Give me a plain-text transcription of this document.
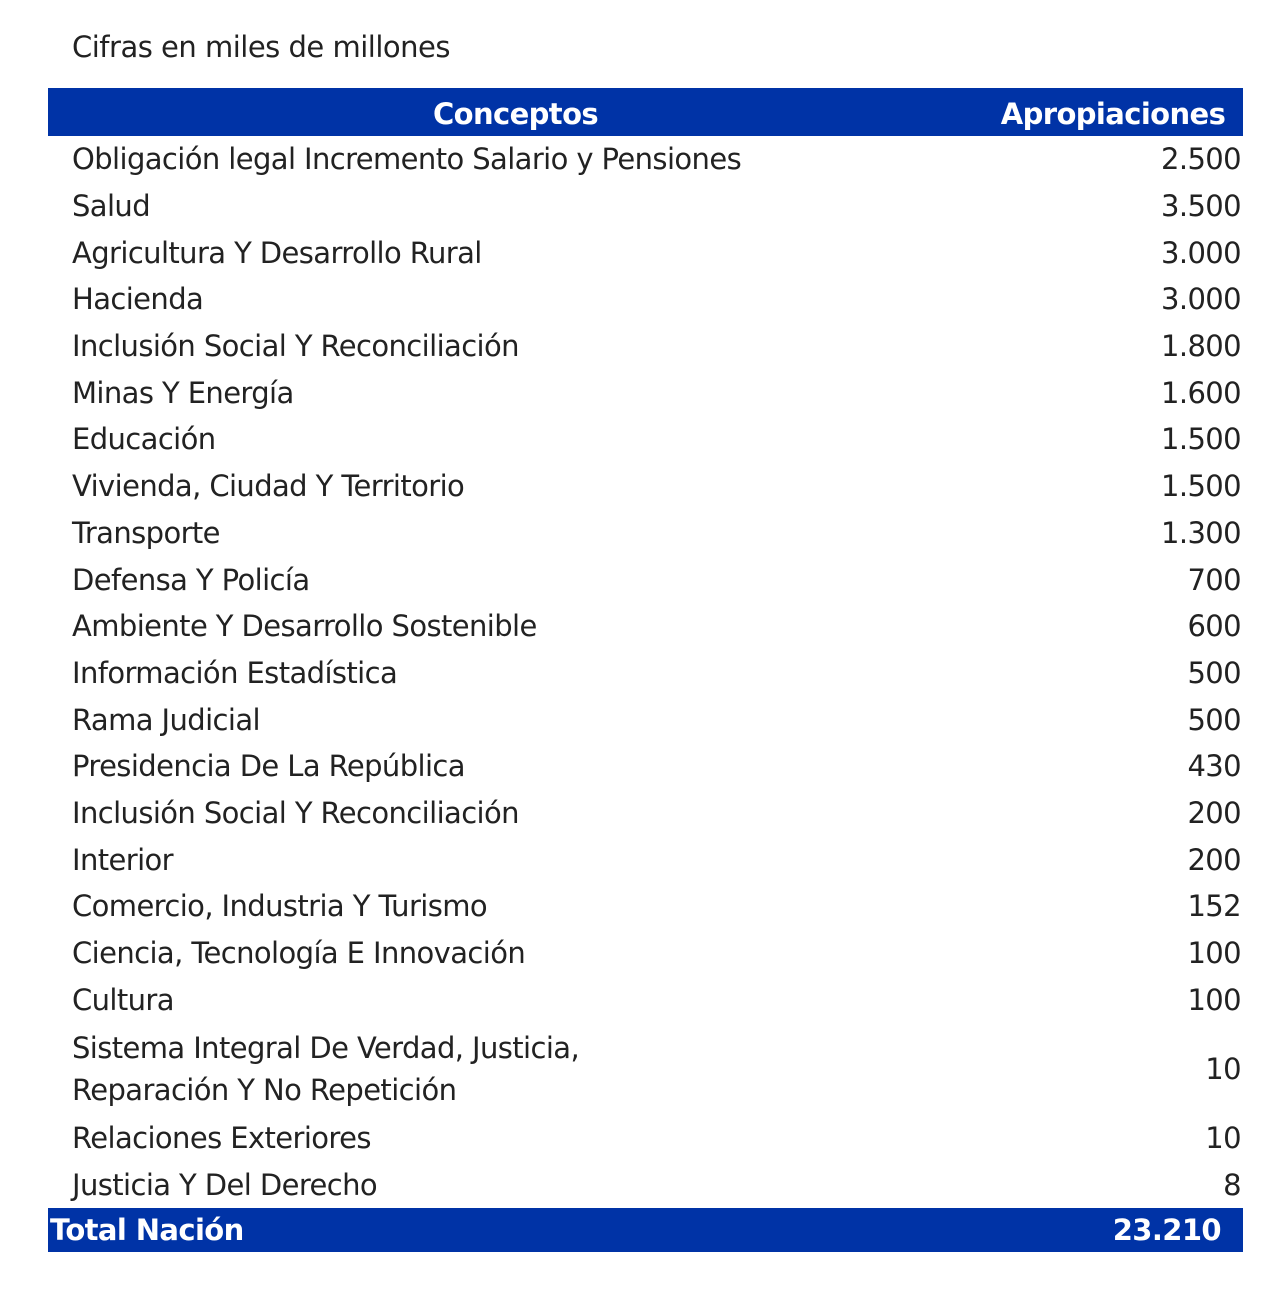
Cifras en miles de millones
Conceptos	Apropiaciones
Obligación legal Incremento Salario y Pensiones	2.500
Salud	3.500
Agricultura Y Desarrollo Rural	3.000
Hacienda	3.000
Inclusión Social Y Reconciliación	1.800
Minas Y Energía	1.600
Educación	1.500
Vivienda, Ciudad Y Territorio	1.500
Transporte	1.300
Defensa Y Policía	700
Ambiente Y Desarrollo Sostenible	600
Información Estadística	500
Rama Judicial	500
Presidencia De La República	430
Inclusión Social Y Reconciliación	200
Interior	200
Comercio, Industria Y Turismo	152
Ciencia, Tecnología E Innovación	100
Cultura	100
Sistema Integral De Verdad, Justicia,
Reparación Y No Repetición	10
Relaciones Exteriores	10
Justicia Y Del Derecho	8
Total Nación	23.210
